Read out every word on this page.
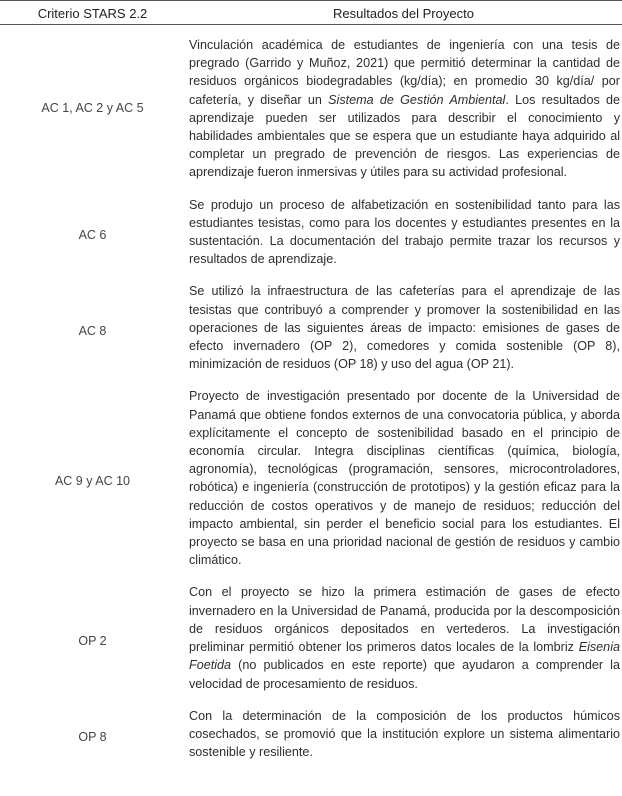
Criterio STARS 2.2	Resultados del Proyecto
AC 1, AC 2 y AC 5	Vinculación académica de estudiantes de ingeniería con una tesis de pregrado (Garrido y Muñoz, 2021) que permitió determinar la cantidad de residuos orgánicos biodegradables (kg/día); en promedio 30 kg/día/ por cafetería, y diseñar un Sistema de Gestión Ambiental. Los resultados de aprendizaje pueden ser utilizados para describir el conocimiento y habilidades ambientales que se espera que un estudiante haya adquirido al completar un pregrado de prevención de riesgos. Las experiencias de aprendizaje fueron inmersivas y útiles para su actividad profesional.
AC 6	Se produjo un proceso de alfabetización en sostenibilidad tanto para las estudiantes tesistas, como para los docentes y estudiantes presentes en la sustentación. La documentación del trabajo permite trazar los recursos y resultados de aprendizaje.
AC 8	Se utilizó la infraestructura de las cafeterías para el aprendizaje de las tesistas que contribuyó a comprender y promover la sostenibilidad en las operaciones de las siguientes áreas de impacto: emisiones de gases de efecto invernadero (OP 2), comedores y comida sostenible (OP 8), minimización de residuos (OP 18) y uso del agua (OP 21).
AC 9 y AC 10	Proyecto de investigación presentado por docente de la Universidad de Panamá que obtiene fondos externos de una convocatoria pública, y aborda explícitamente el concepto de sostenibilidad basado en el principio de economía circular. Integra disciplinas científicas (química, biología, agronomía), tecnológicas (programación, sensores, microcontroladores, robótica) e ingeniería (construcción de prototipos) y la gestión eficaz para la reducción de costos operativos y de manejo de residuos; reducción del impacto ambiental, sin perder el beneficio social para los estudiantes. El proyecto se basa en una prioridad nacional de gestión de residuos y cambio climático.
OP 2	Con el proyecto se hizo la primera estimación de gases de efecto invernadero en la Universidad de Panamá, producida por la descomposición de residuos orgánicos depositados en vertederos. La investigación preliminar permitió obtener los primeros datos locales de la lombriz Eisenia Foetida (no publicados en este reporte) que ayudaron a comprender la velocidad de procesamiento de residuos.
OP 8	Con la determinación de la composición de los productos húmicos cosechados, se promovió que la institución explore un sistema alimentario sostenible y resiliente.
